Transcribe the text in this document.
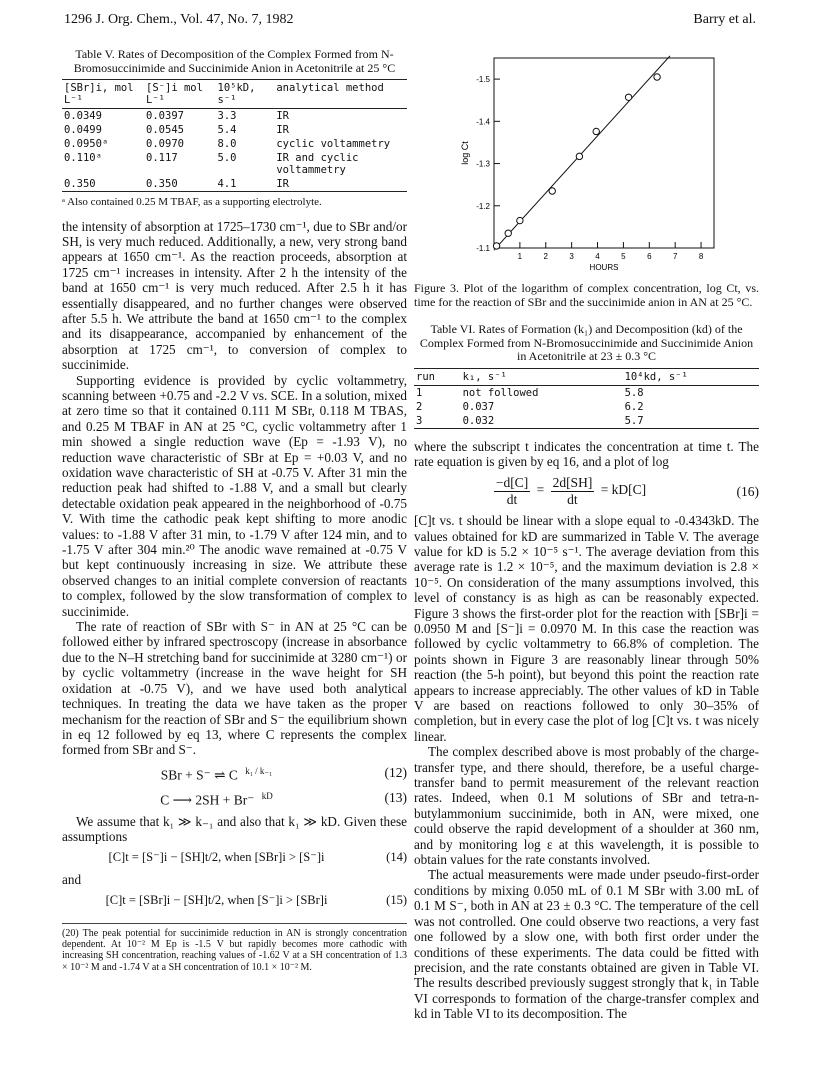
1296 J. Org. Chem., Vol. 47, No. 7, 1982	Barry et al.
Table V. Rates of Decomposition of the Complex Formed from N-Bromosuccinimide and Succinimide Anion in Acetonitrile at 25 °C
[SBr]i, mol L⁻¹	[S⁻]i mol L⁻¹	10⁵kD, s⁻¹	analytical method
0.0349	0.0397	3.3	IR
0.0499	0.0545	5.4	IR
0.0950ᵃ	0.0970	8.0	cyclic voltammetry
0.110ᵃ	0.117	5.0	IR and cyclic voltammetry
0.350	0.350	4.1	IR
ᵃ Also contained 0.25 M TBAF, as a supporting electrolyte.

the intensity of absorption at 1725–1730 cm⁻¹, due to SBr and/or SH, is very much reduced. Additionally, a new, very strong band appears at 1650 cm⁻¹. As the reaction proceeds, absorption at 1725 cm⁻¹ increases in intensity. After 2 h the intensity of the band at 1650 cm⁻¹ is very much reduced. After 2.5 h it has essentially disappeared, and no further changes were observed after 5.5 h. We attribute the band at 1650 cm⁻¹ to the complex and its disappearance, accompanied by enhancement of the absorption at 1725 cm⁻¹, to conversion of complex to succinimide.

Supporting evidence is provided by cyclic voltammetry, scanning between +0.75 and -2.2 V vs. SCE. In a solution, mixed at zero time so that it contained 0.111 M SBr, 0.118 M TBAS, and 0.25 M TBAF in AN at 25 °C, cyclic voltammetry after 1 min showed a single reduction wave (Ep = -1.93 V), no reduction wave characteristic of SBr at Ep = +0.03 V, and no oxidation wave characteristic of SH at -0.75 V. After 31 min the reduction peak had shifted to -1.88 V, and a small but clearly detectable oxidation peak appeared in the neighborhood of -0.75 V. With time the cathodic peak kept shifting to more anodic values: to -1.88 V after 31 min, to -1.79 V after 124 min, and to -1.75 V after 304 min.²⁰ The anodic wave remained at -0.75 V but kept continuously increasing in size. We attribute these observed changes to an initial complete conversion of reactants to complex, followed by the slow transformation of complex to succinimide.

The rate of reaction of SBr with S⁻ in AN at 25 °C can be followed either by infrared spectroscopy (increase in absorbance due to the N–H stretching band for succinimide at 3280 cm⁻¹) or by cyclic voltammetry (increase in the wave height for SH oxidation at -0.75 V), and we have used both analytical techniques. In treating the data we have taken as the proper mechanism for the reaction of SBr and S⁻ the equilibrium shown in eq 12 followed by eq 13, where C represents the complex formed from SBr and S⁻.

SBr + S⁻ ⇌ C $^{k_1 / k_{-1}}$	(12)
C ⟶ 2SH + Br⁻ $^{kD}$	(13)

We assume that k₁ ≫ k₋₁ and also that k₁ ≫ kD. Given these assumptions

[C]t = [S⁻]i − [SH]t/2, when [SBr]i > [S⁻]i	(14)

and

[C]t = [SBr]i − [SH]t/2, when [S⁻]i > [SBr]i	(15)
(20) The peak potential for succinimide reduction in AN is strongly concentration dependent. At 10⁻² M Ep is -1.5 V but rapidly becomes more cathodic with increasing SH concentration, reaching values of -1.62 V at a SH concentration of 1.3 × 10⁻² M and -1.74 V at a SH concentration of 10.1 × 10⁻² M.
1	2	3	4	5	6	7	8
-1.1
-1.2
-1.3
-1.4
-1.5
HOURS
log Ct
Figure 3. Plot of the logarithm of complex concentration, log Ct, vs. time for the reaction of SBr and the succinimide anion in AN at 25 °C.
Table VI. Rates of Formation (k₁) and Decomposition (kd) of the Complex Formed from N-Bromosuccinimide and Succinimide Anion in Acetonitrile at 23 ± 0.3 °C
run	k₁, s⁻¹	10⁴kd, s⁻¹
1	not followed	5.8
2	0.037	6.2
3	0.032	5.7

where the subscript t indicates the concentration at time t. The rate equation is given by eq 16, and a plot of log

$\frac{-d[C]}{dt} = \frac{2d[SH]}{dt} = kD[C]$	(16)

[C]t vs. t should be linear with a slope equal to -0.4343kD. The values obtained for kD are summarized in Table V. The average value for kD is 5.2 × 10⁻⁵ s⁻¹. The average deviation from this average rate is 1.2 × 10⁻⁵, and the maximum deviation is 2.8 × 10⁻⁵. On consideration of the many assumptions involved, this level of constancy is as high as can be reasonably expected. Figure 3 shows the first-order plot for the reaction with [SBr]i = 0.0950 M and [S⁻]i = 0.0970 M. In this case the reaction was followed by cyclic voltammetry to 66.8% of completion. The points shown in Figure 3 are reasonably linear through 50% reaction (the 5-h point), but beyond this point the reaction rate appears to increase appreciably. The other values of kD in Table V are based on reactions followed to only 30–35% of completion, but in every case the plot of log [C]t vs. t was nicely linear.

The complex described above is most probably of the charge-transfer type, and there should, therefore, be a useful charge-transfer band to permit measurement of the relevant reaction rates. Indeed, when 0.1 M solutions of SBr and tetra-n-butylammonium succinimide, both in AN, were mixed, one could observe the rapid development of a shoulder at 360 nm, and by monitoring log ε at this wavelength, it is possible to obtain values for the rate constants involved.

The actual measurements were made under pseudo-first-order conditions by mixing 0.050 mL of 0.1 M SBr with 3.00 mL of 0.1 M S⁻, both in AN at 23 ± 0.3 °C. The temperature of the cell was not controlled. One could observe two reactions, a very fast one followed by a slow one, with both first order under the conditions of these experiments. The data could be fitted with precision, and the rate constants obtained are given in Table VI. The results described previously suggest strongly that k₁ in Table VI corresponds to formation of the charge-transfer complex and kd in Table VI to its decomposition. The
